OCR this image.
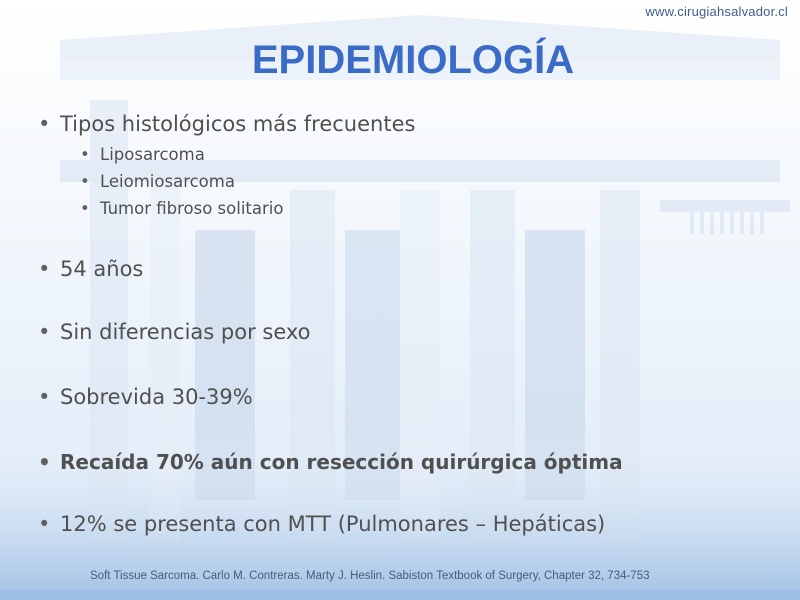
www.cirugiahsalvador.cl
EPIDEMIOLOGÍA
• Tipos histológicos más frecuentes
• Liposarcoma
• Leiomiosarcoma
• Tumor fibroso solitario
• 54 años
• Sin diferencias por sexo
• Sobrevida 30-39%
• Recaída 70% aún con resección quirúrgica óptima
• 12% se presenta con MTT (Pulmonares – Hepáticas)
Soft Tissue Sarcoma. Carlo M. Contreras. Marty J. Heslin. Sabiston Textbook of Surgery, Chapter 32, 734-753
